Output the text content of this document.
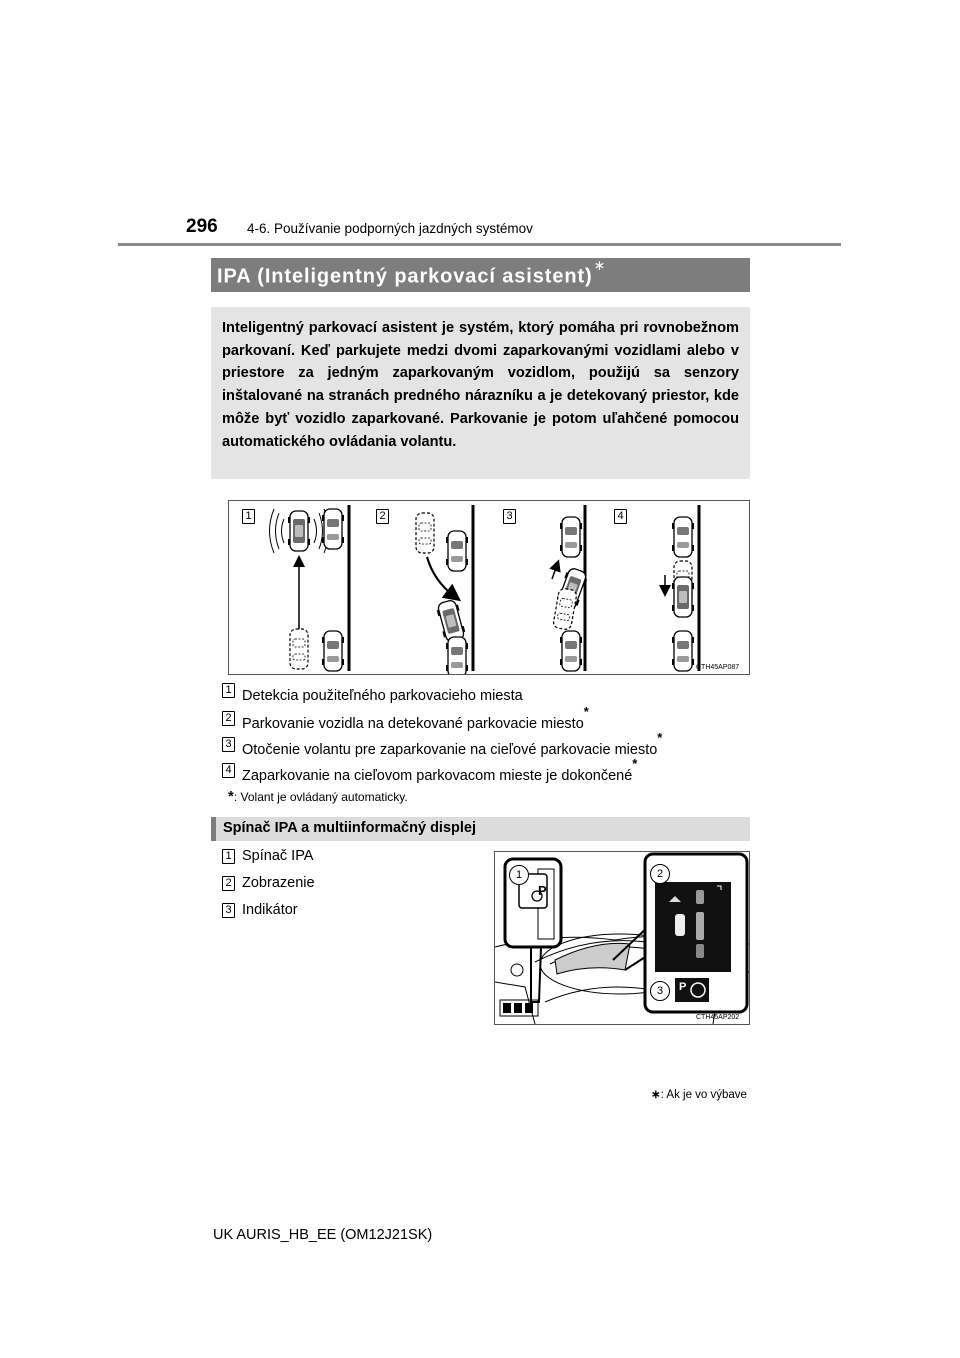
296 4-6. Používanie podporných jazdných systémov
IPA (Inteligentný parkovací asistent)∗
Inteligentný parkovací asistent je systém, ktorý pomáha pri rovnobežnom parkovaní. Keď parkujete medzi dvomi zaparkovanými vozidlami alebo v priestore za jedným zaparkovaným vozidlom, použijú sa senzory inštalované na stranách predného nárazníku a je detekovaný priestor, kde môže byť vozidlo zaparkované. Parkovanie je potom uľahčené pomocou automatického ovládania volantu.
1	2	3	4
CTH45AP087
1 Detekcia použiteľného parkovacieho miesta
2 Parkovanie vozidla na detekované parkovacie miesto*
3 Otočenie volantu pre zaparkovanie na cieľové parkovacie miesto*
4 Zaparkovanie na cieľovom parkovacom mieste je dokončené*
*: Volant je ovládaný automaticky.
Spínač IPA a multiinformačný displej
1 Spínač IPA
2 Zobrazenie
3 Indikátor
P
P
1	2
3
CTH45AP202
∗: Ak je vo výbave
UK AURIS_HB_EE (OM12J21SK)
